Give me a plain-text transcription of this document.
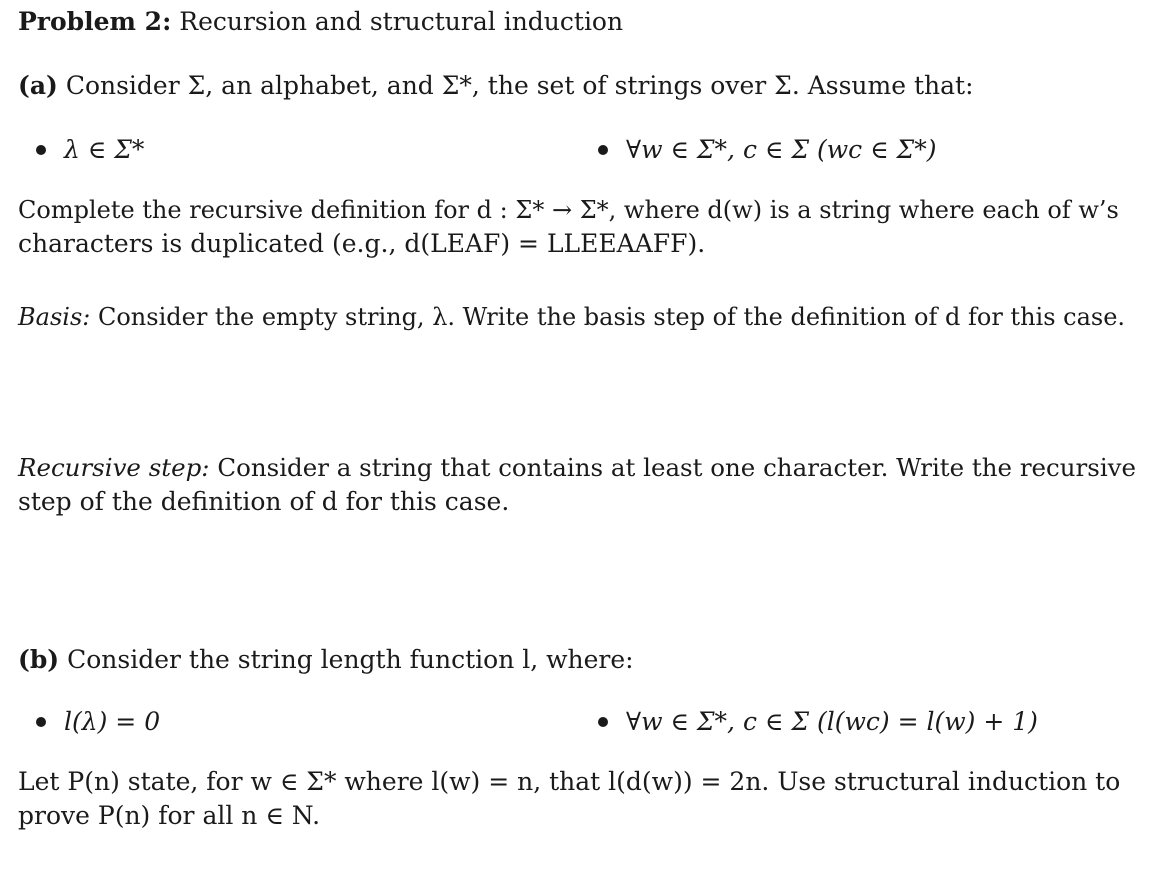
Problem 2: Recursion and structural induction
(a) Consider Σ, an alphabet, and Σ*, the set of strings over Σ. Assume that:
λ ∈ Σ*	∀w ∈ Σ*, c ∈ Σ (wc ∈ Σ*)
Complete the recursive definition for d : Σ* → Σ*, where d(w) is a string where each of w’s
characters is duplicated (e.g., d(LEAF) = LLEEAAFF).
Basis: Consider the empty string, λ. Write the basis step of the definition of d for this case.
Recursive step: Consider a string that contains at least one character. Write the recursive
step of the definition of d for this case.
(b) Consider the string length function l, where:
l(λ) = 0	∀w ∈ Σ*, c ∈ Σ (l(wc) = l(w) + 1)
Let P(n) state, for w ∈ Σ* where l(w) = n, that l(d(w)) = 2n. Use structural induction to
prove P(n) for all n ∈ N.
